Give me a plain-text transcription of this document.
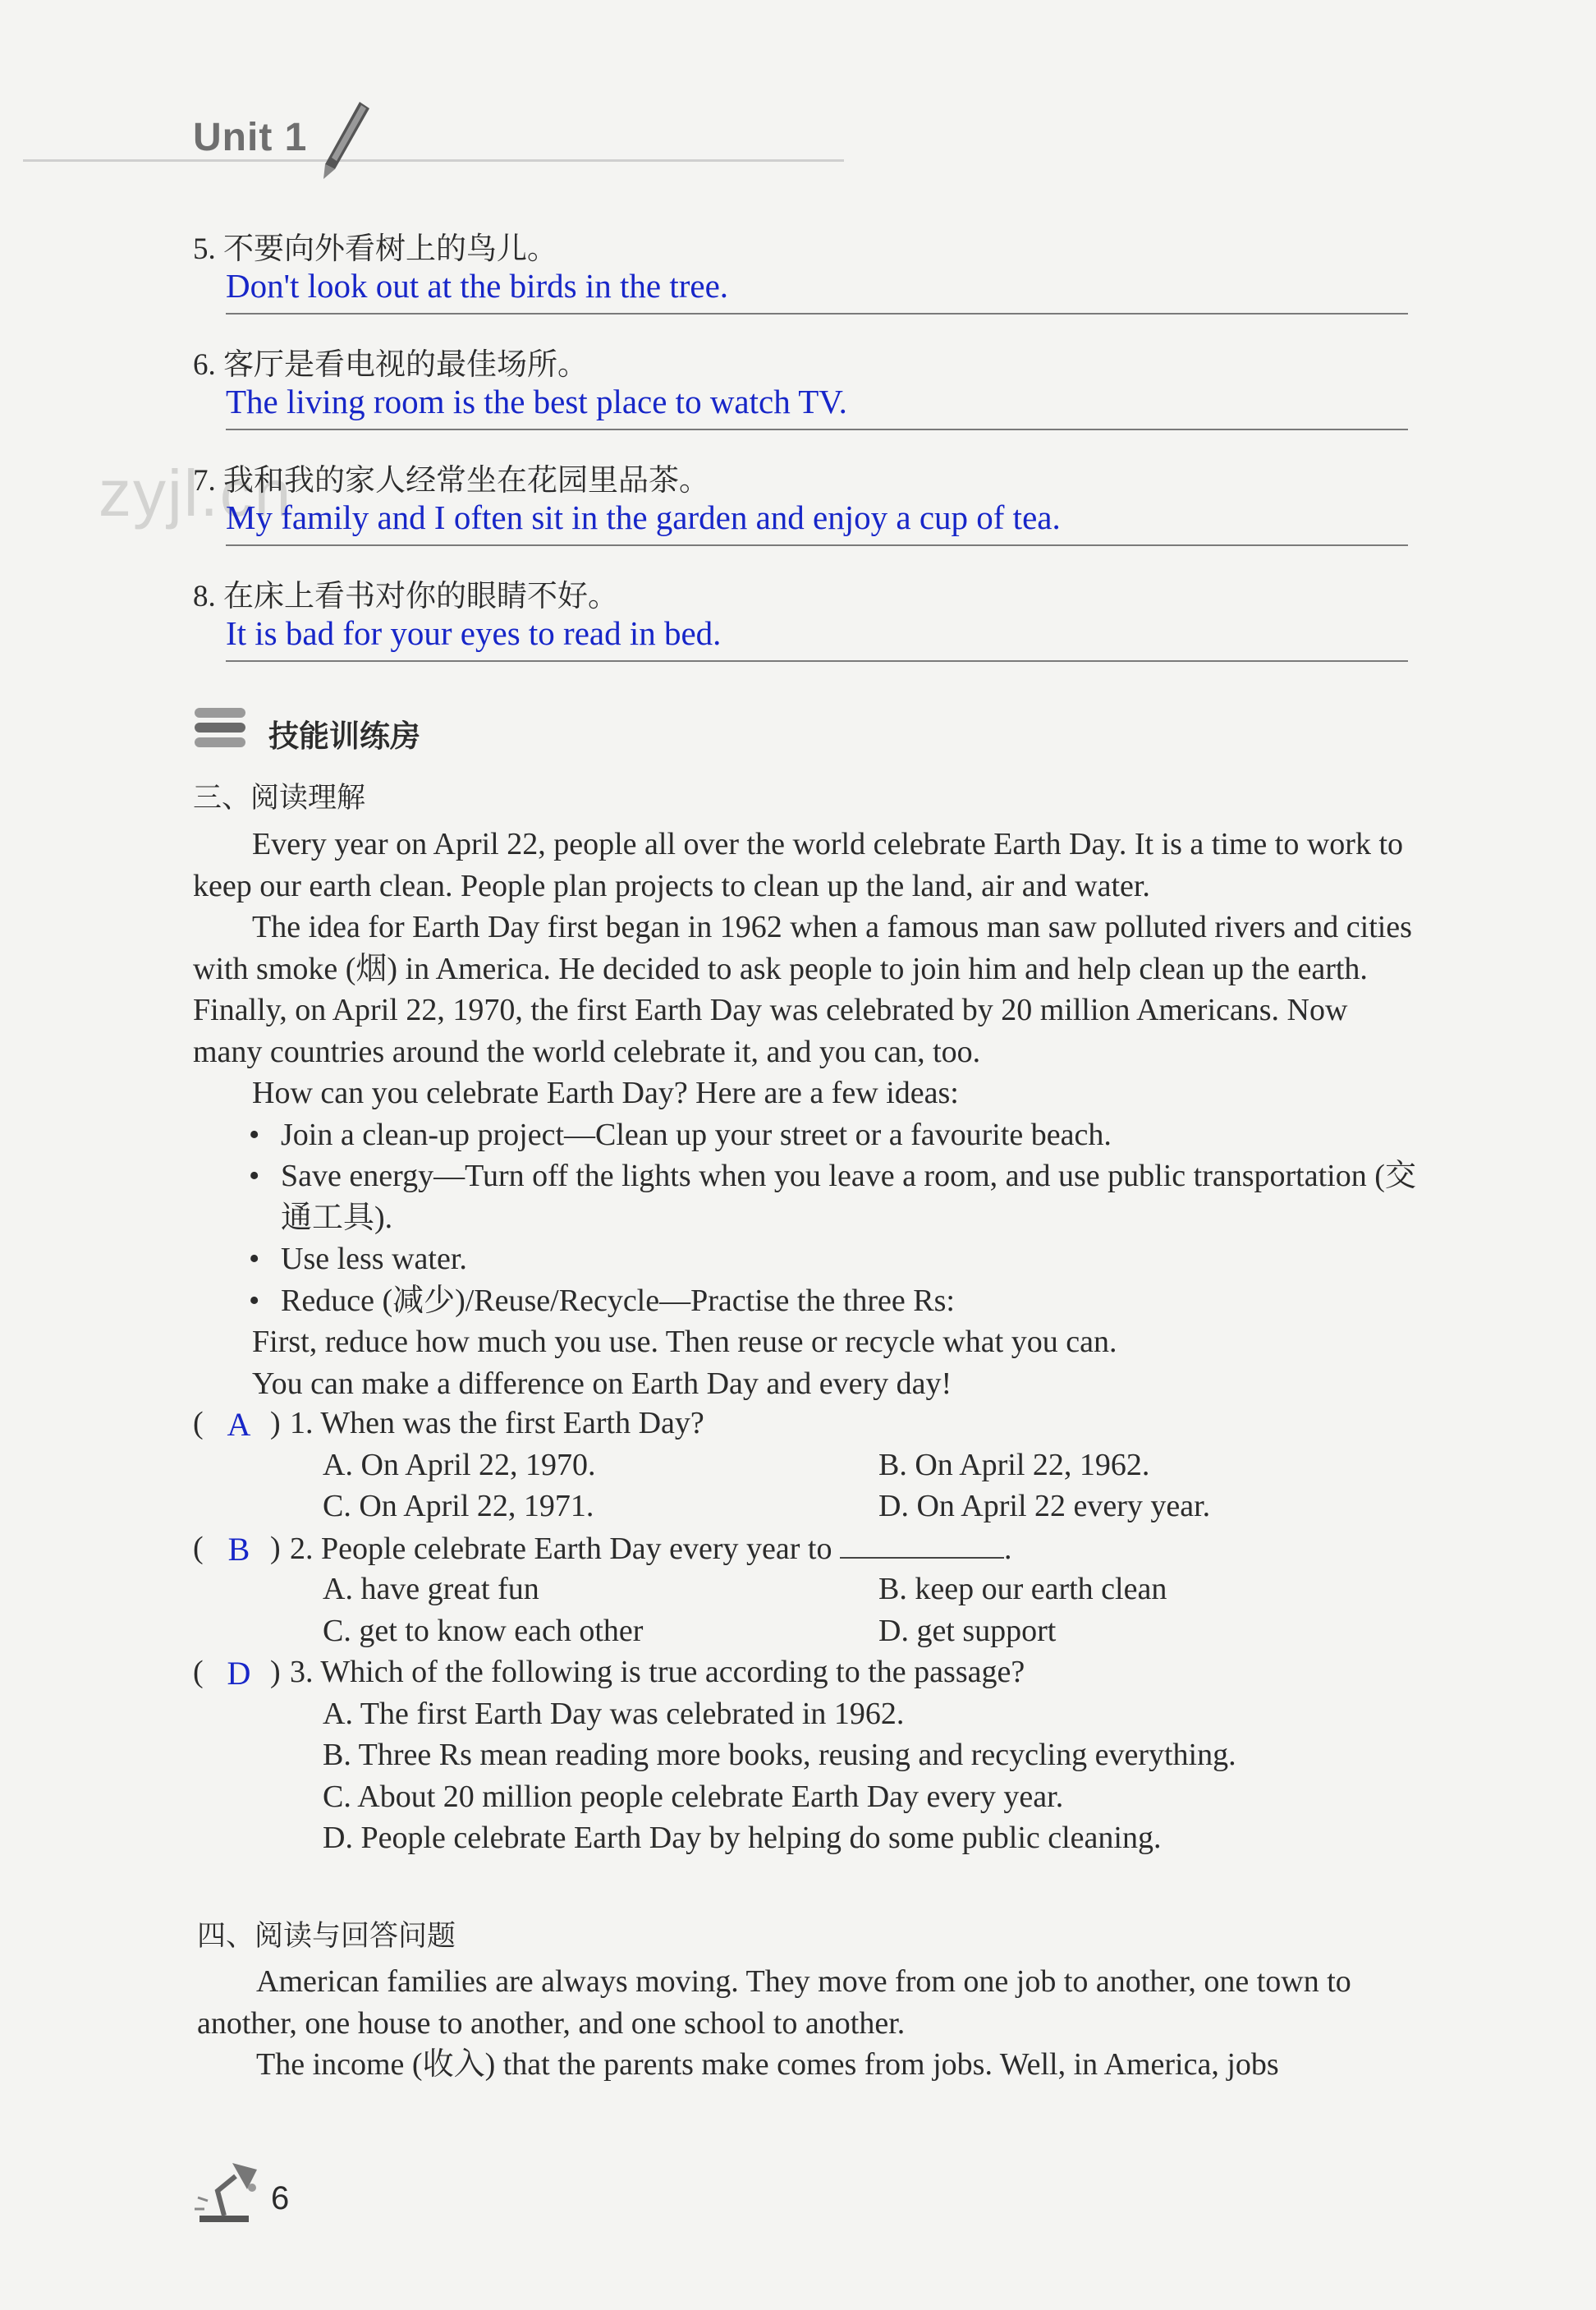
Unit 1
zyjl.cn
5. 不要向外看树上的鸟儿。
Don't look out at the birds in the tree.
6. 客厅是看电视的最佳场所。
The living room is the best place to watch TV.
7. 我和我的家人经常坐在花园里品茶。
My family and I often sit in the garden and enjoy a cup of tea.
8. 在床上看书对你的眼睛不好。
It is bad for your eyes to read in bed.
技能训练房
三、阅读理解

Every year on April 22, people all over the world celebrate Earth Day. It is a time to work to keep our earth clean. People plan projects to clean up the land, air and water.

The idea for Earth Day first began in 1962 when a famous man saw polluted rivers and cities with smoke (烟) in America. He decided to ask people to join him and help clean up the earth. Finally, on April 22, 1970, the first Earth Day was celebrated by 20 million Americans. Now many countries around the world celebrate it, and you can, too.

How can you celebrate Earth Day? Here are a few ideas:

• Join a clean-up project—Clean up your street or a favourite beach.
• Save energy—Turn off the lights when you leave a room, and use public transportation (交通工具).
• Use less water.
• Reduce (减少)/Reuse/Recycle—Practise the three Rs:

First, reduce how much you use. Then reuse or recycle what you can.

You can make a difference on Earth Day and every day!

( A ) 1. When was the first Earth Day?
A. On April 22, 1970.	B. On April 22, 1962.
C. On April 22, 1971.	D. On April 22 every year.
( B ) 2. People celebrate Earth Day every year to	.
A. have great fun	B. keep our earth clean
C. get to know each other	D. get support
( D ) 3. Which of the following is true according to the passage?
A. The first Earth Day was celebrated in 1962.
B. Three Rs mean reading more books, reusing and recycling everything.
C. About 20 million people celebrate Earth Day every year.
D. People celebrate Earth Day by helping do some public cleaning.
四、阅读与回答问题

American families are always moving. They move from one job to another, one town to another, one house to another, and one school to another.

The income (收入) that the parents make comes from jobs. Well, in America, jobs

6
